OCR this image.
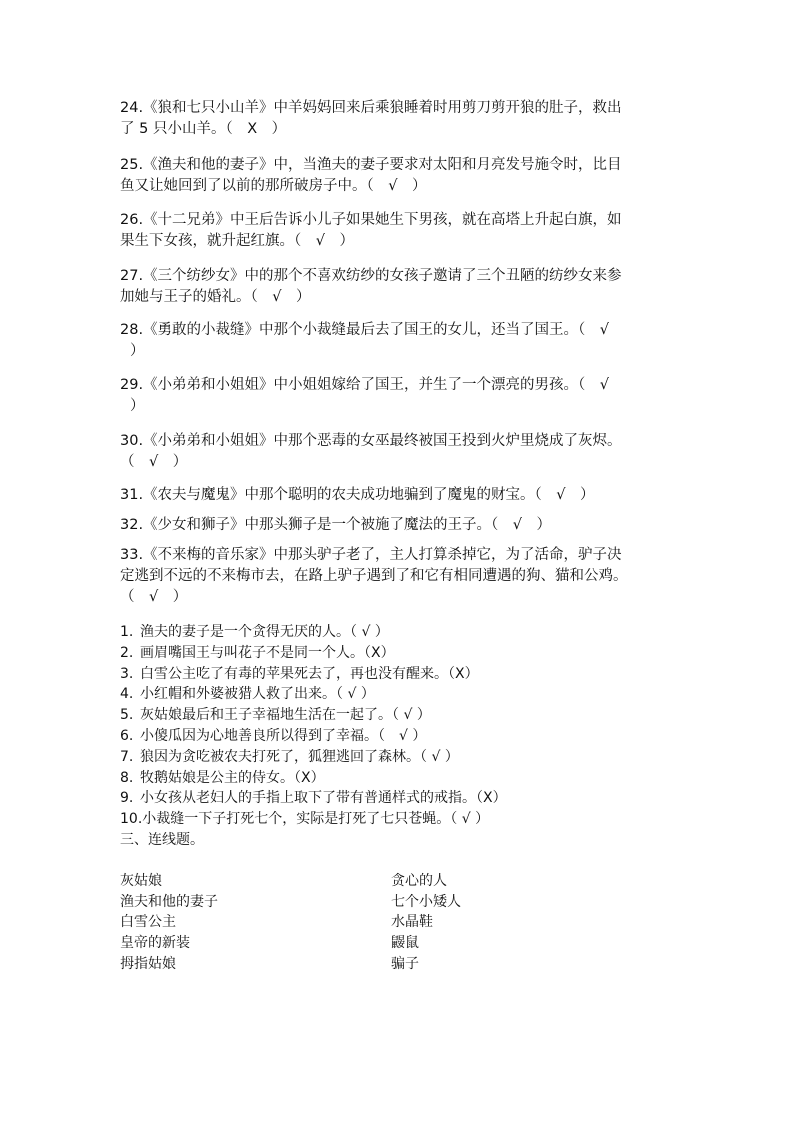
24.《狼和七只小山羊》中羊妈妈回来后乘狼睡着时用剪刀剪开狼的肚子，救出
了 5 只小山羊。（　X　）
25.《渔夫和他的妻子》中，当渔夫的妻子要求对太阳和月亮发号施令时，比目
鱼又让她回到了以前的那所破房子中。（　√　）
26.《十二兄弟》中王后告诉小儿子如果她生下男孩，就在高塔上升起白旗，如
果生下女孩，就升起红旗。（　√　）
27.《三个纺纱女》中的那个不喜欢纺纱的女孩子邀请了三个丑陋的纺纱女来参
加她与王子的婚礼。（　√　）
28.《勇敢的小裁缝》中那个小裁缝最后去了国王的女儿，还当了国王。（　√
）
29.《小弟弟和小姐姐》中小姐姐嫁给了国王，并生了一个漂亮的男孩。（　√
）
30.《小弟弟和小姐姐》中那个恶毒的女巫最终被国王投到火炉里烧成了灰烬。
（　√　）
31.《农夫与魔鬼》中那个聪明的农夫成功地骗到了魔鬼的财宝。（　√　）
32.《少女和狮子》中那头狮子是一个被施了魔法的王子。（　√　）
33.《不来梅的音乐家》中那头驴子老了，主人打算杀掉它，为了活命，驴子决
定逃到不远的不来梅市去，在路上驴子遇到了和它有相同遭遇的狗、猫和公鸡。
（　√　）
1. 渔夫的妻子是一个贪得无厌的人。（ √ ）
2. 画眉嘴国王与叫花子不是同一个人。（X）
3. 白雪公主吃了有毒的苹果死去了，再也没有醒来。（X）
4. 小红帽和外婆被猎人救了出来。（ √ ）
5. 灰姑娘最后和王子幸福地生活在一起了。（ √ ）
6. 小傻瓜因为心地善良所以得到了幸福。（　√ ）
7. 狼因为贪吃被农夫打死了，狐狸逃回了森林。（ √ ）
8. 牧鹅姑娘是公主的侍女。（X）
9. 小女孩从老妇人的手指上取下了带有普通样式的戒指。（X）
10.小裁缝一下子打死七个，实际是打死了七只苍蝇。（ √ ）
三、连线题。
灰姑娘
渔夫和他的妻子
白雪公主
皇帝的新装
拇指姑娘
贪心的人
七个小矮人
水晶鞋
鼹鼠
骗子
